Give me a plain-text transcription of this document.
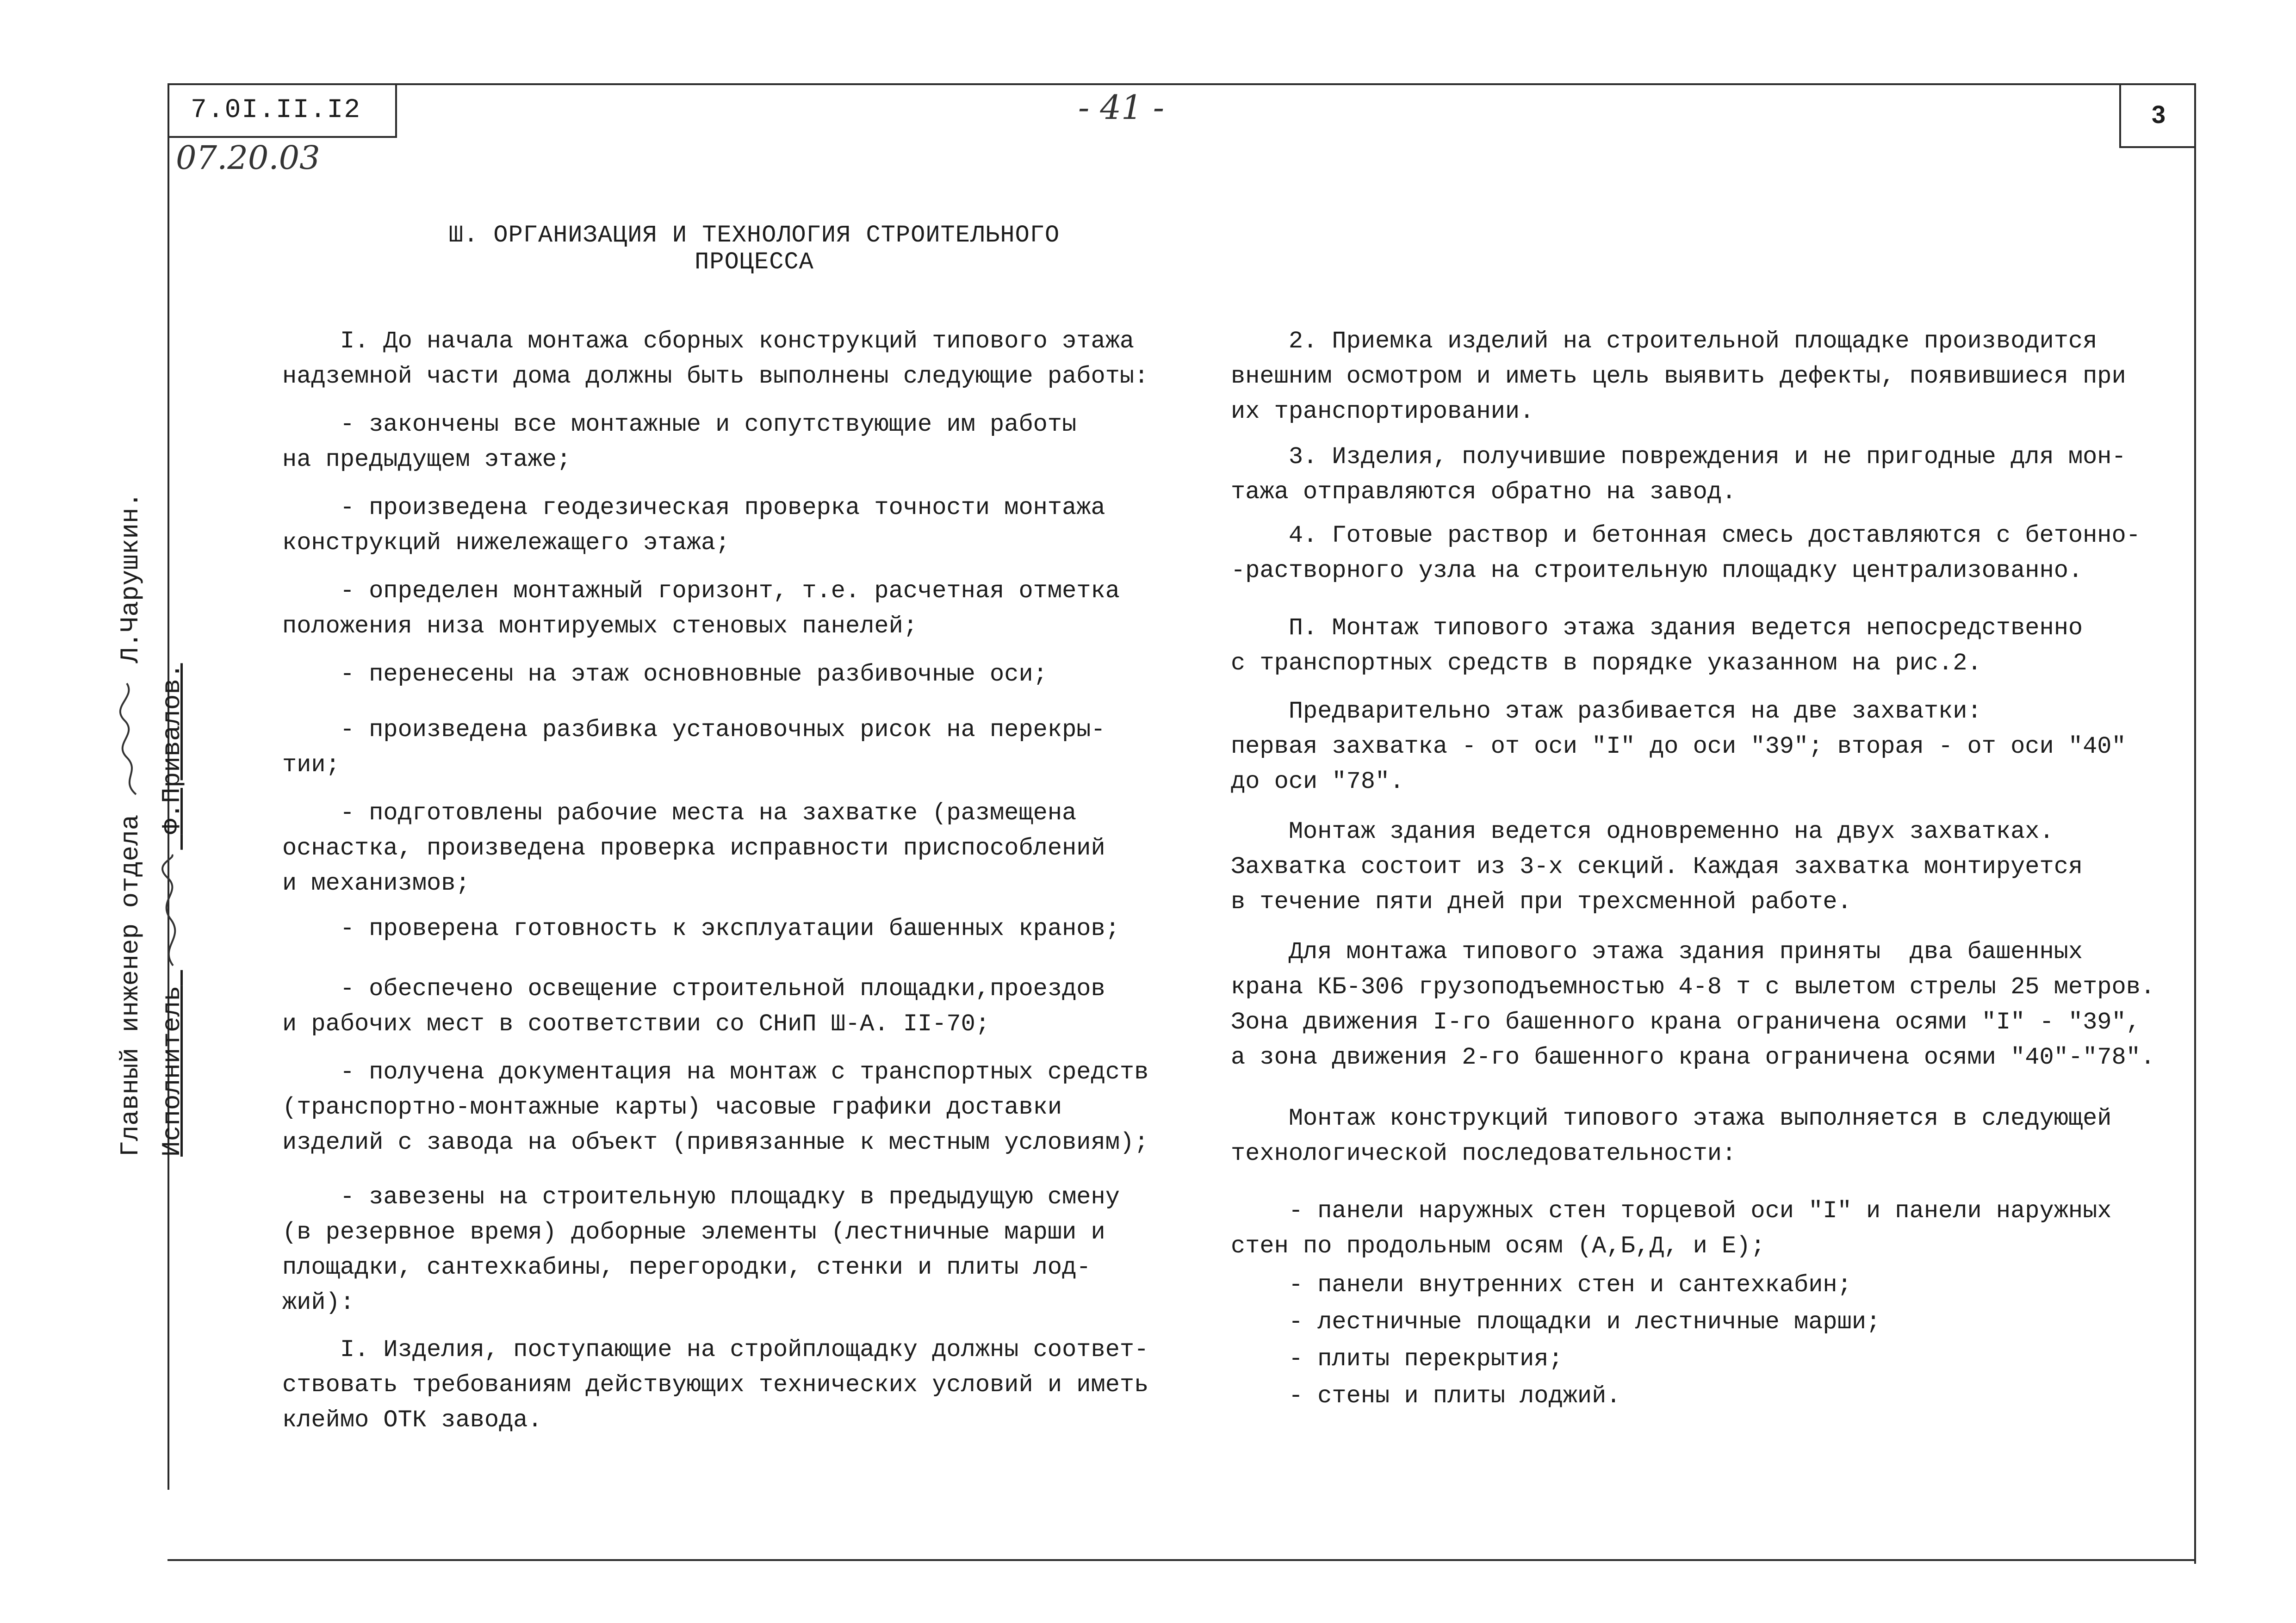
7.0I.II.I2
07.20.03
- 41 -	3
Главный инженер отдела  Л.Чарушкин.
Исполнитель  Ф.Привалов.
Ш. ОРГАНИЗАЦИЯ И ТЕХНОЛОГИЯ СТРОИТЕЛЬНОГО
ПРОЦЕССА

I. До начала монтажа сборных конструкций типового этажа
надземной части дома должны быть выполнены следующие работы:

- закончены все монтажные и сопутствующие им работы
на предыдущем этаже;

- произведена геодезическая проверка точности монтажа
конструкций нижележащего этажа;

- определен монтажный горизонт, т.е. расчетная отметка
положения низа монтируемых стеновых панелей;

- перенесены на этаж основновные разбивочные оси;

- произведена разбивка установочных рисок на перекры-
тии;

- подготовлены рабочие места на захватке (размещена
оснастка, произведена проверка исправности приспособлений
и механизмов;

- проверена готовность к эксплуатации башенных кранов;

- обеспечено освещение строительной площадки,проездов
и рабочих мест в соответствии со СНиП Ш-А. II-70;

- получена документация на монтаж с транспортных средств
(транспортно-монтажные карты) часовые графики доставки
изделий с завода на объект (привязанные к местным условиям);

- завезены на строительную площадку в предыдущую смену
(в резервное время) доборные элементы (лестничные марши и
площадки, сантехкабины, перегородки, стенки и плиты лод-
жий):

I. Изделия, поступающие на стройплощадку должны соответ-
ствовать требованиям действующих технических условий и иметь
клеймо ОТК завода.

2. Приемка изделий на строительной площадке производится
внешним осмотром и иметь цель выявить дефекты, появившиеся при
их транспортировании.

3. Изделия, получившие повреждения и не пригодные для мон-
тажа отправляются обратно на завод.

4. Готовые раствор и бетонная смесь доставляются с бетонно-
-растворного узла на строительную площадку централизованно.

П. Монтаж типового этажа здания ведется непосредственно
с транспортных средств в порядке указанном на рис.2.

Предварительно этаж разбивается на две захватки:
первая захватка - от оси "I" до оси "39"; вторая - от оси "40"
до оси "78".

Монтаж здания ведется одновременно на двух захватках.
Захватка состоит из 3-х секций. Каждая захватка монтируется
в течение пяти дней при трехсменной работе.

Для монтажа типового этажа здания приняты  два башенных
крана КБ-306 грузоподъемностью 4-8 т с вылетом стрелы 25 метров.
Зона движения I-го башенного крана ограничена осями "I" - "39",
а зона движения 2-го башенного крана ограничена осями "40"-"78".

Монтаж конструкций типового этажа выполняется в следующей
технологической последовательности:

- панели наружных стен торцевой оси "I" и панели наружных
стен по продольным осям (А,Б,Д, и Е);

- панели внутренних стен и сантехкабин;

- лестничные площадки и лестничные марши;

- плиты перекрытия;

- стены и плиты лоджий.
